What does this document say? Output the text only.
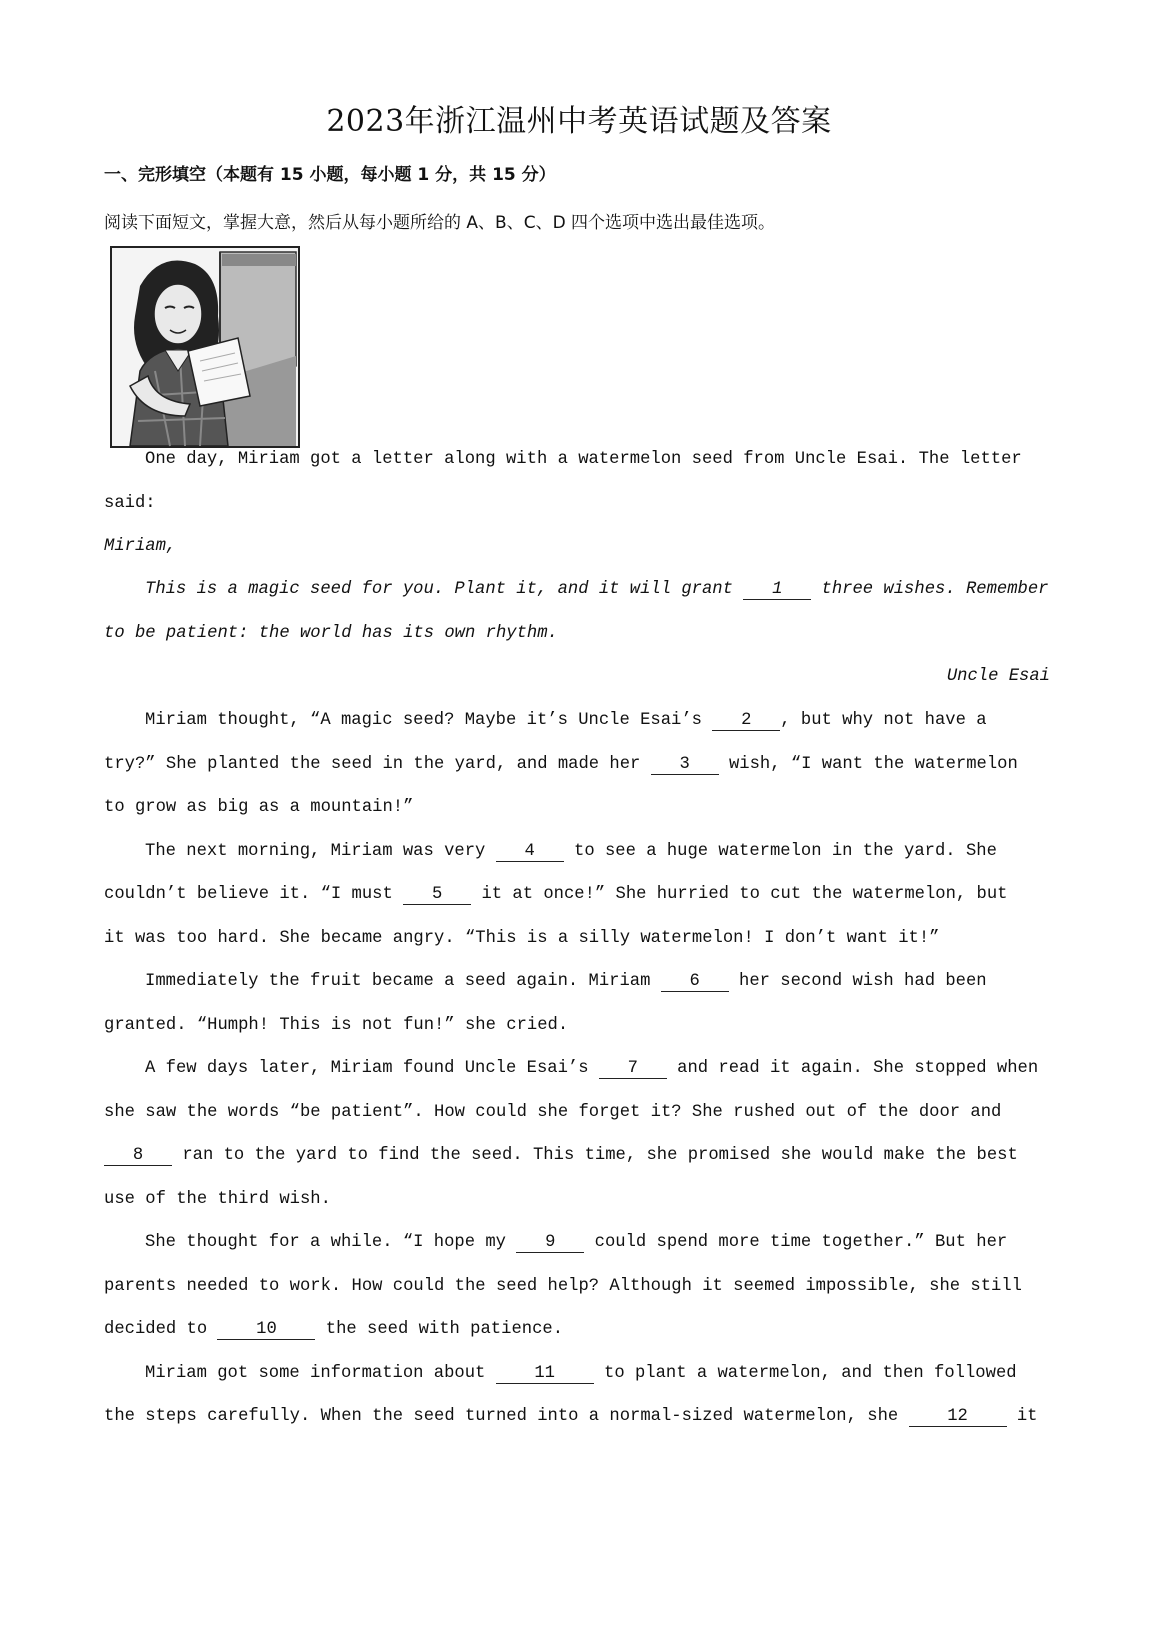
2023年浙江温州中考英语试题及答案
一、完形填空（本题有 15 小题，每小题 1 分，共 15 分）
阅读下面短文，掌握大意，然后从每小题所给的 A、B、C、D 四个选项中选出最佳选项。
One day, Miriam got a letter along with a watermelon seed from Uncle Esai. The letter
said:
Miriam,
This is a magic seed for you. Plant it, and it will grant 1 three wishes. Remember
to be patient: the world has its own rhythm.
Uncle Esai
Miriam thought, “A magic seed? Maybe it’s Uncle Esai’s 2 , but why not have a
try?” She planted the seed in the yard, and made her 3 wish, “I want the watermelon
to grow as big as a mountain!”
The next morning, Miriam was very 4 to see a huge watermelon in the yard. She
couldn’t believe it. “I must 5 it at once!” She hurried to cut the watermelon, but
it was too hard. She became angry. “This is a silly watermelon! I don’t want it!”
Immediately the fruit became a seed again. Miriam 6 her second wish had been
granted. “Humph! This is not fun!” she cried.
A few days later, Miriam found Uncle Esai’s 7 and read it again. She stopped when
she saw the words “be patient”. How could she forget it? She rushed out of the door and
8 ran to the yard to find the seed. This time, she promised she would make the best
use of the third wish.
She thought for a while. “I hope my 9 could spend more time together.” But her
parents needed to work. How could the seed help? Although it seemed impossible, she still
decided to 10 the seed with patience.
Miriam got some information about 11 to plant a watermelon, and then followed
the steps carefully. When the seed turned into a normal-sized watermelon, she 12 it
